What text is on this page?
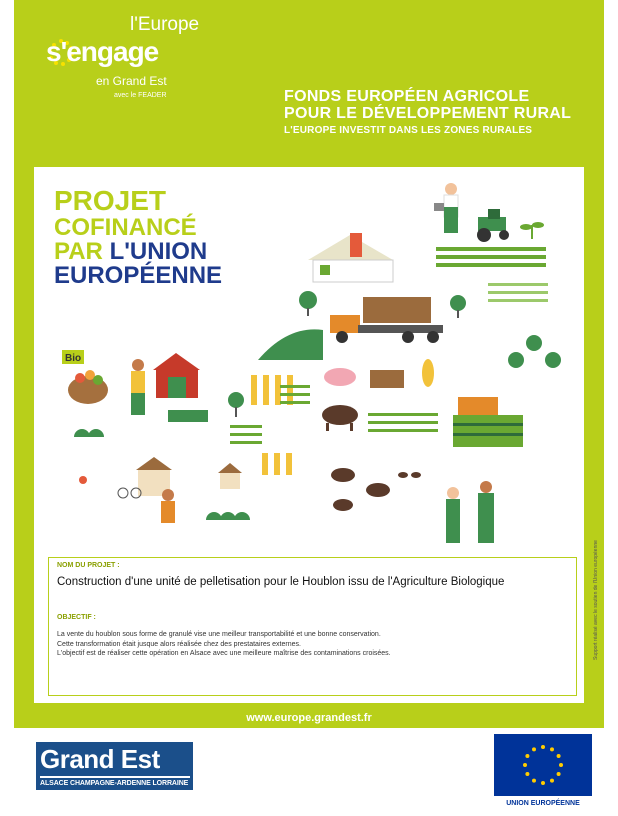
l'Europe
s'engage
en Grand Est
avec le FEADER	FONDS EUROPÉEN AGRICOLE
POUR LE DÉVELOPPEMENT RURAL
L'EUROPE INVESTIT DANS LES ZONES RURALES
Bio
PROJET
COFINANCÉ
PAR L'UNION
EUROPÉENNE
NOM DU PROJET :
Construction d'une unité de pelletisation pour le Houblon issu de l'Agriculture Biologique
OBJECTIF :
La vente du houblon sous forme de granulé vise une meilleur transportabilité et une bonne conservation.
Cette transformation était jusque alors réalisée chez des prestataires externes.
L'objectif est de réaliser cette opération en Alsace avec une meilleure maîtrise des contaminations croisées.	Support réalisé avec le soutien de l'Union européenne
www.europe.grandest.fr
Grand Est
ALSACE CHAMPAGNE-ARDENNE LORRAINE
UNION EUROPÉENNE
